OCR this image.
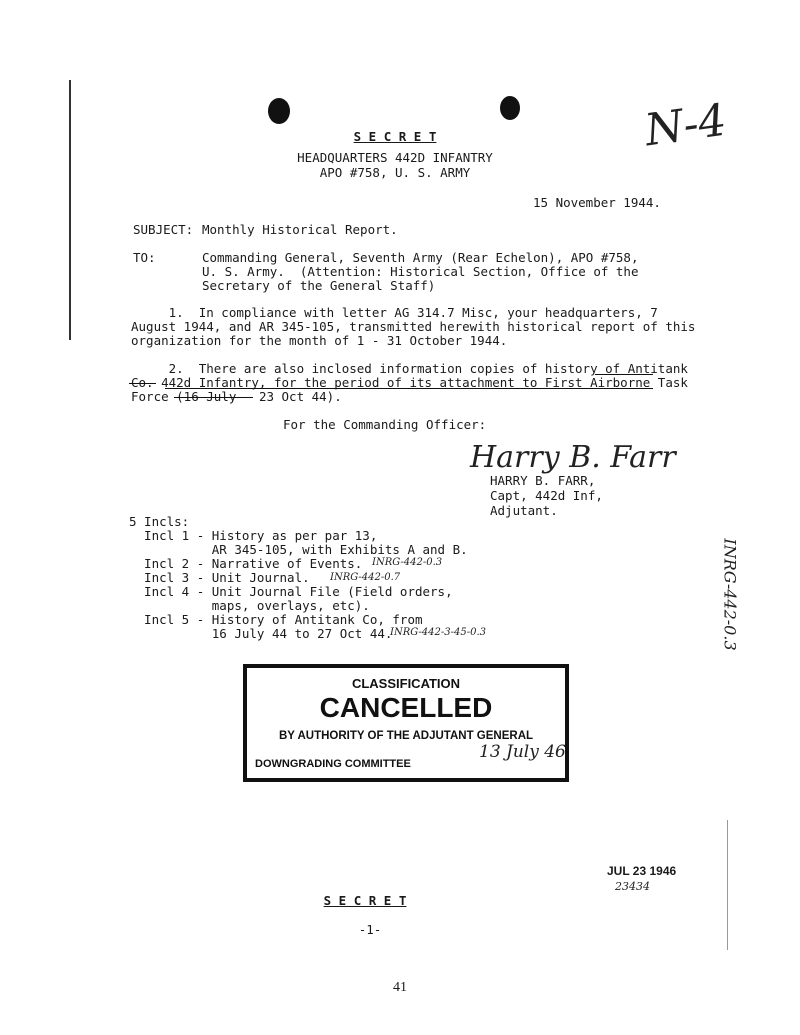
S E C R E T
HEADQUARTERS 442D INFANTRY
APO #758, U. S. ARMY
N-4
15 November 1944.
SUBJECT: Monthly Historical Report.
TO:	Commanding General, Seventh Army (Rear Echelon), APO #758,
U. S. Army.  (Attention: Historical Section, Office of the
Secretary of the General Staff)
1.  In compliance with letter AG 314.7 Misc, your headquarters, 7
August 1944, and AR 345-105, transmitted herewith historical report of this
organization for the month of 1 - 31 October 1944.
2.  There are also inclosed information copies of history of Antitank
Co. 442d Infantry, for the period of its attachment to First Airborne Task
Force (16 July - 23 Oct 44).
For the Commanding Officer:
Harry B. Farr
HARRY B. FARR,
Capt, 442d Inf,
Adjutant.
5 Incls:
Incl 1 - History as per par 13,
AR 345-105, with Exhibits A and B.
Incl 2 - Narrative of Events.
Incl 3 - Unit Journal.
Incl 4 - Unit Journal File (Field orders,
maps, overlays, etc).
Incl 5 - History of Antitank Co, from
16 July 44 to 27 Oct 44.
INRG-442-0.3
INRG-442-0.7
INRG-442-3-45-0.3	INRG-442-0.3
CLASSIFICATION
CANCELLED
BY AUTHORITY OF THE ADJUTANT GENERAL
DOWNGRADING COMMITTEE
13 July 46
JUL 23 1946
23434
S E C R E T
-1-
41
